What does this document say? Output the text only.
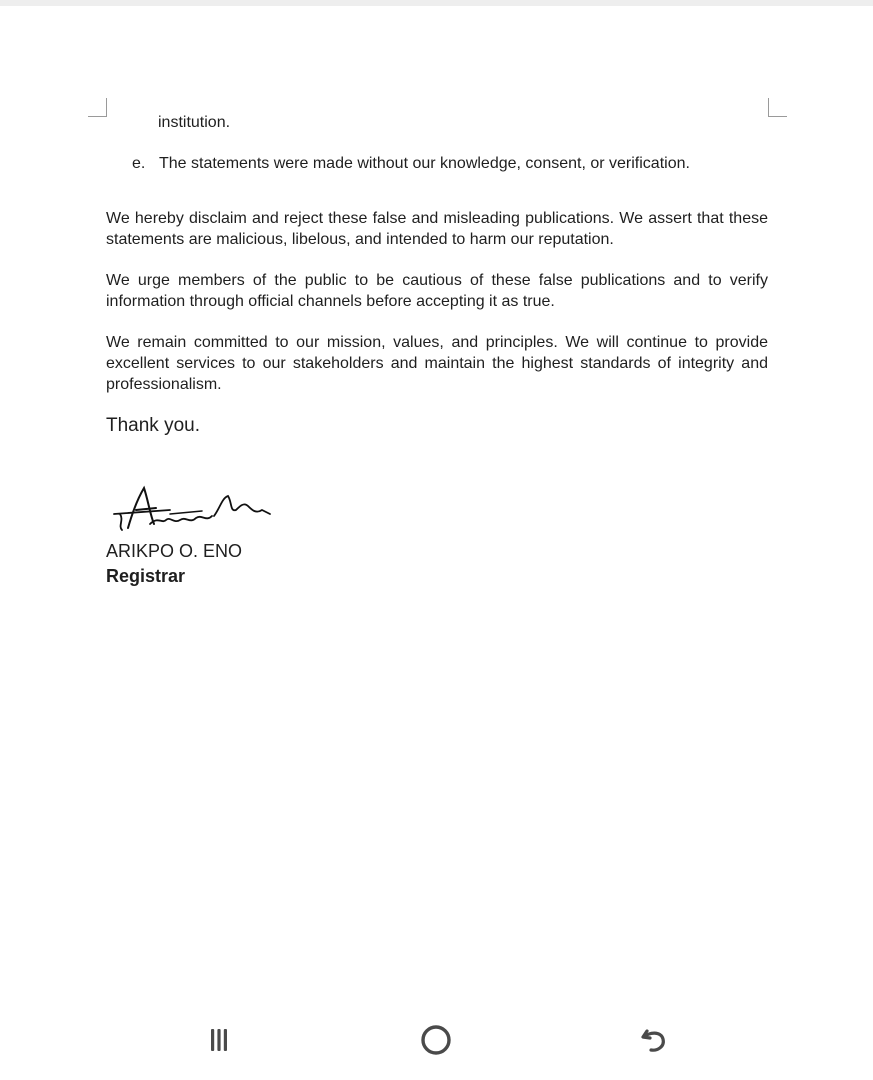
institution.
e. The statements were made without our knowledge, consent, or verification.
We hereby disclaim and reject these false and misleading publications. We assert that these statements are malicious, libelous, and intended to harm our reputation.
We urge members of the public to be cautious of these false publications and to verify information through official channels before accepting it as true.
We remain committed to our mission, values, and principles. We will continue to provide excellent services to our stakeholders and maintain the highest standards of integrity and professionalism.
Thank you.
ARIKPO O. ENO
Registrar
